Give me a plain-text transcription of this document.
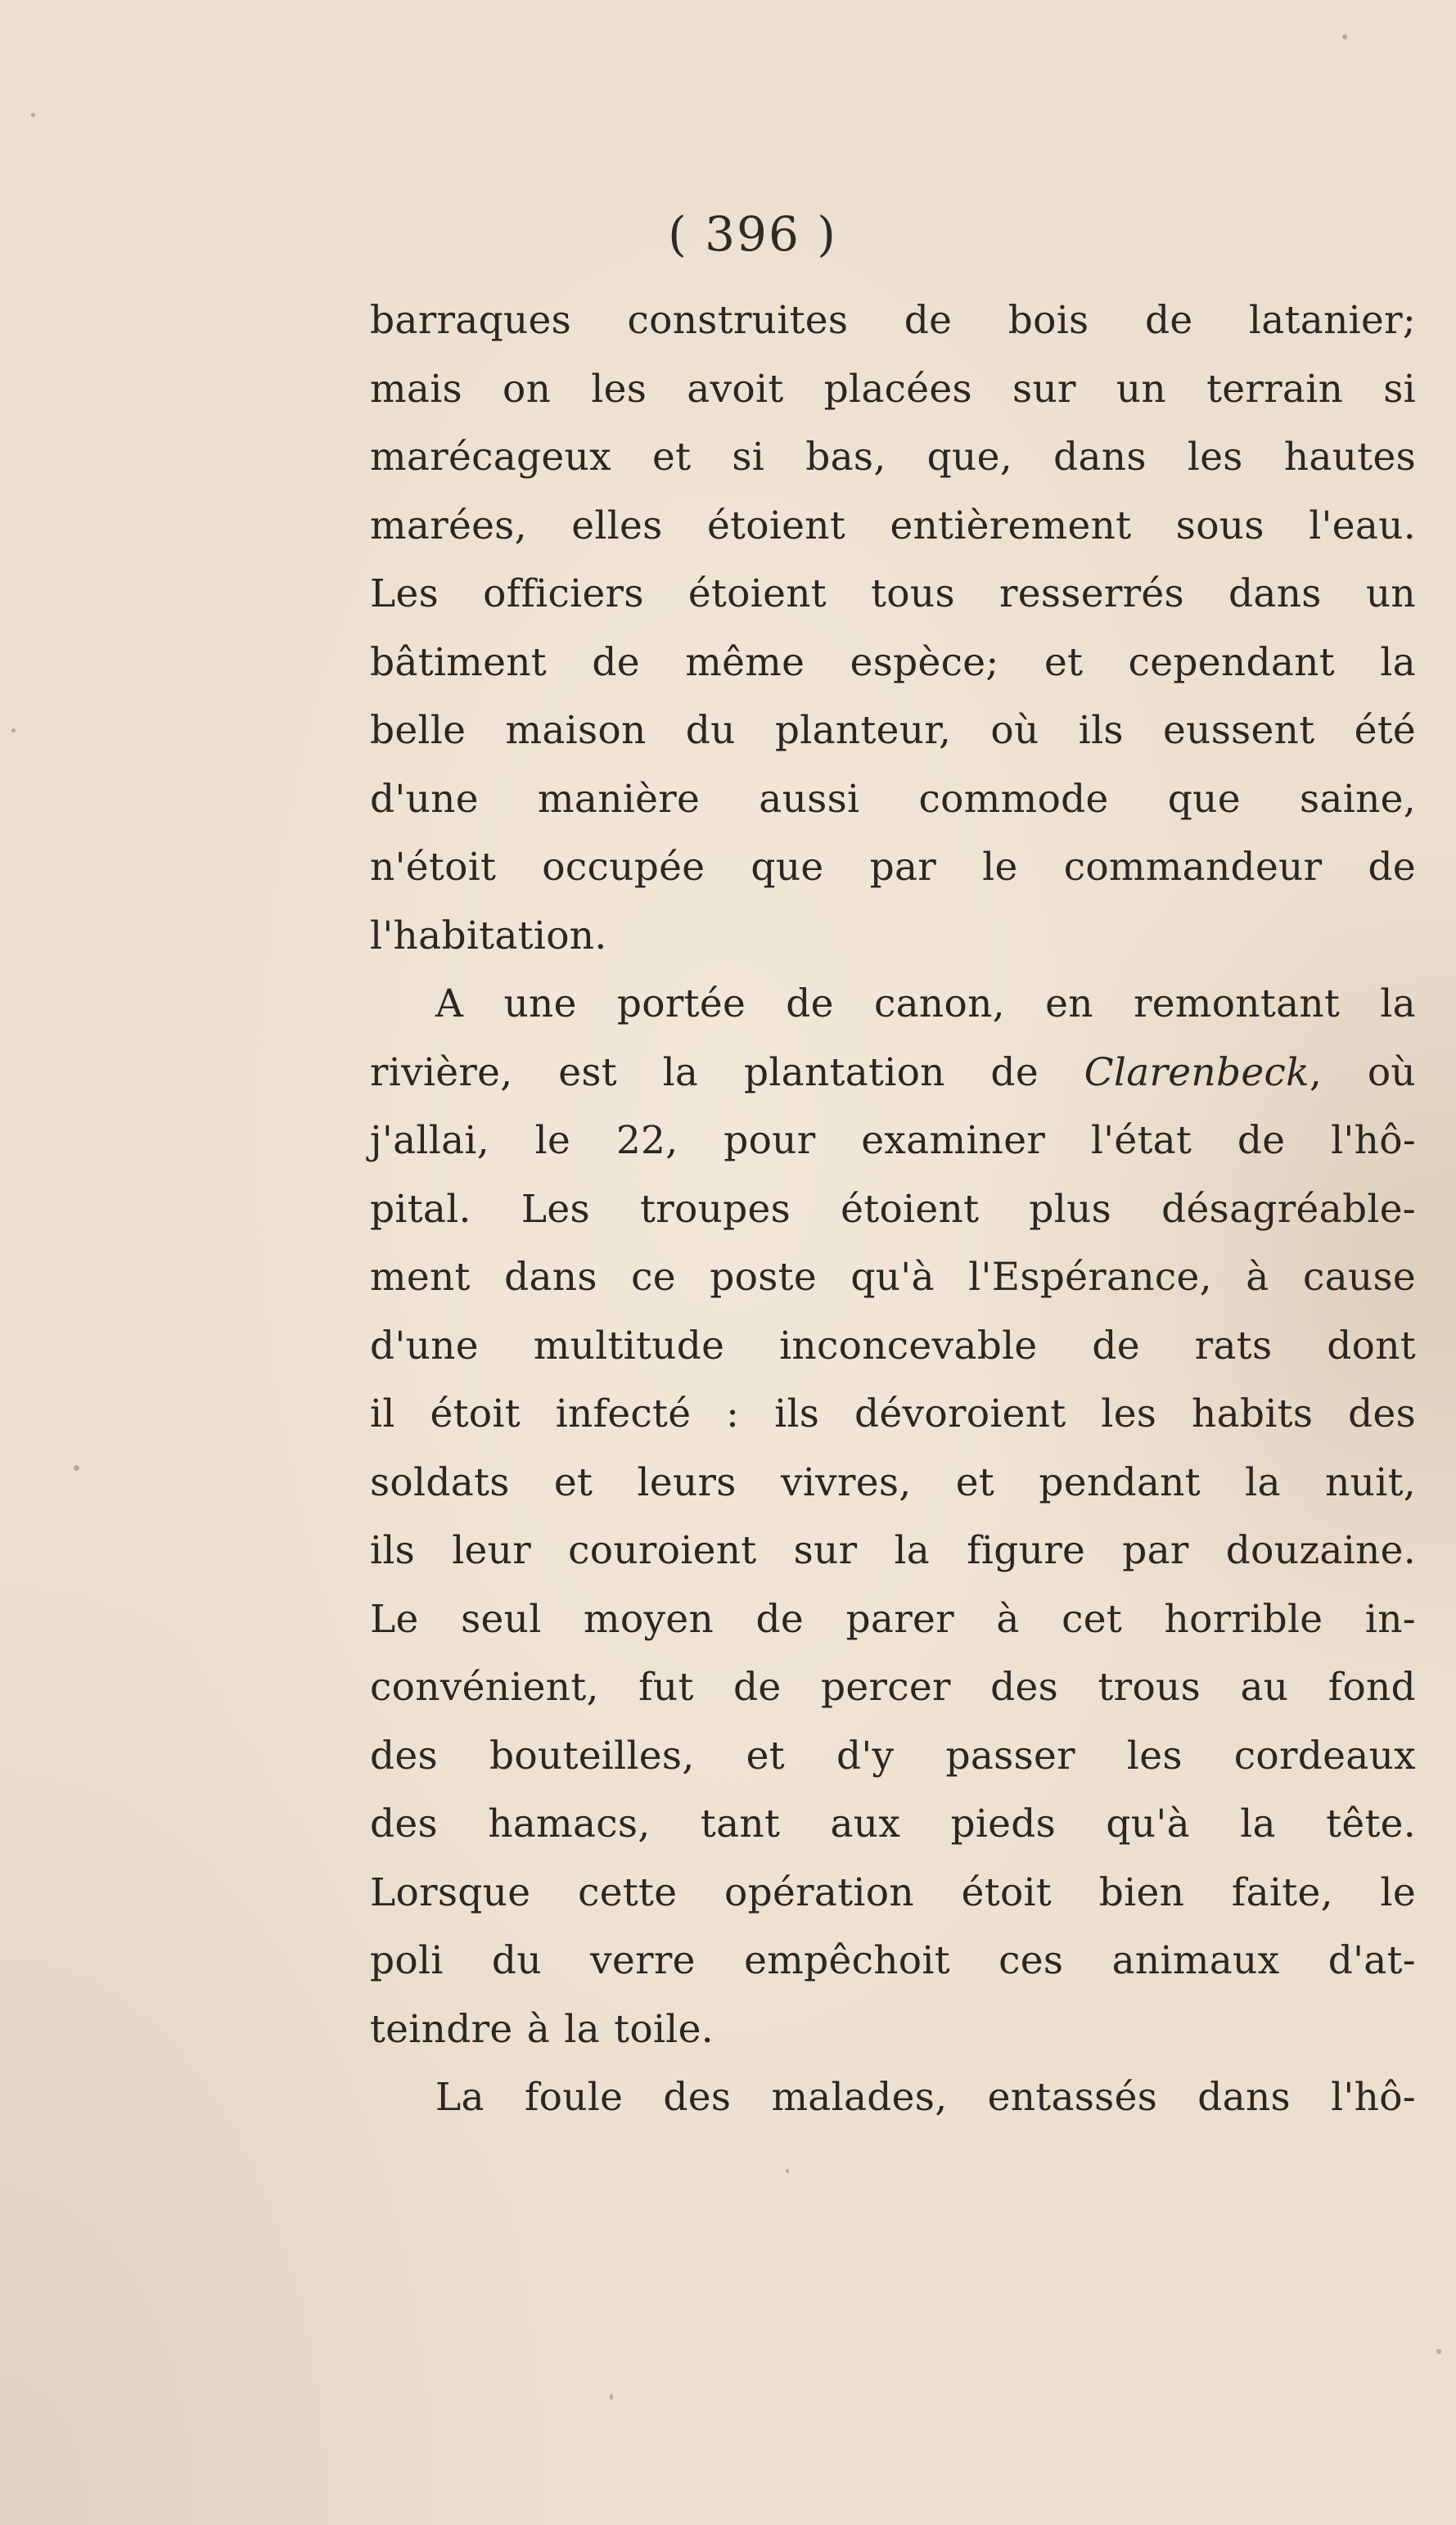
( 396 )
barraques construites de bois de latanier;
mais on les avoit placées sur un terrain si
marécageux et si bas, que, dans les hautes
marées, elles étoient entièrement sous l'eau.
Les officiers étoient tous resserrés dans un
bâtiment de même espèce; et cependant la
belle maison du planteur, où ils eussent été
d'une manière aussi commode que saine,
n'étoit occupée que par le commandeur de
l'habitation.
A une portée de canon, en remontant la
rivière, est la plantation de Clarenbeck, où
j'allai, le 22, pour examiner l'état de l'hô-
pital. Les troupes étoient plus désagréable-
ment dans ce poste qu'à l'Espérance, à cause
d'une multitude inconcevable de rats dont
il étoit infecté : ils dévoroient les habits des
soldats et leurs vivres, et pendant la nuit,
ils leur couroient sur la figure par douzaine.
Le seul moyen de parer à cet horrible in-
convénient, fut de percer des trous au fond
des bouteilles, et d'y passer les cordeaux
des hamacs, tant aux pieds qu'à la tête.
Lorsque cette opération étoit bien faite, le
poli du verre empêchoit ces animaux d'at-
teindre à la toile.
La foule des malades, entassés dans l'hô-
